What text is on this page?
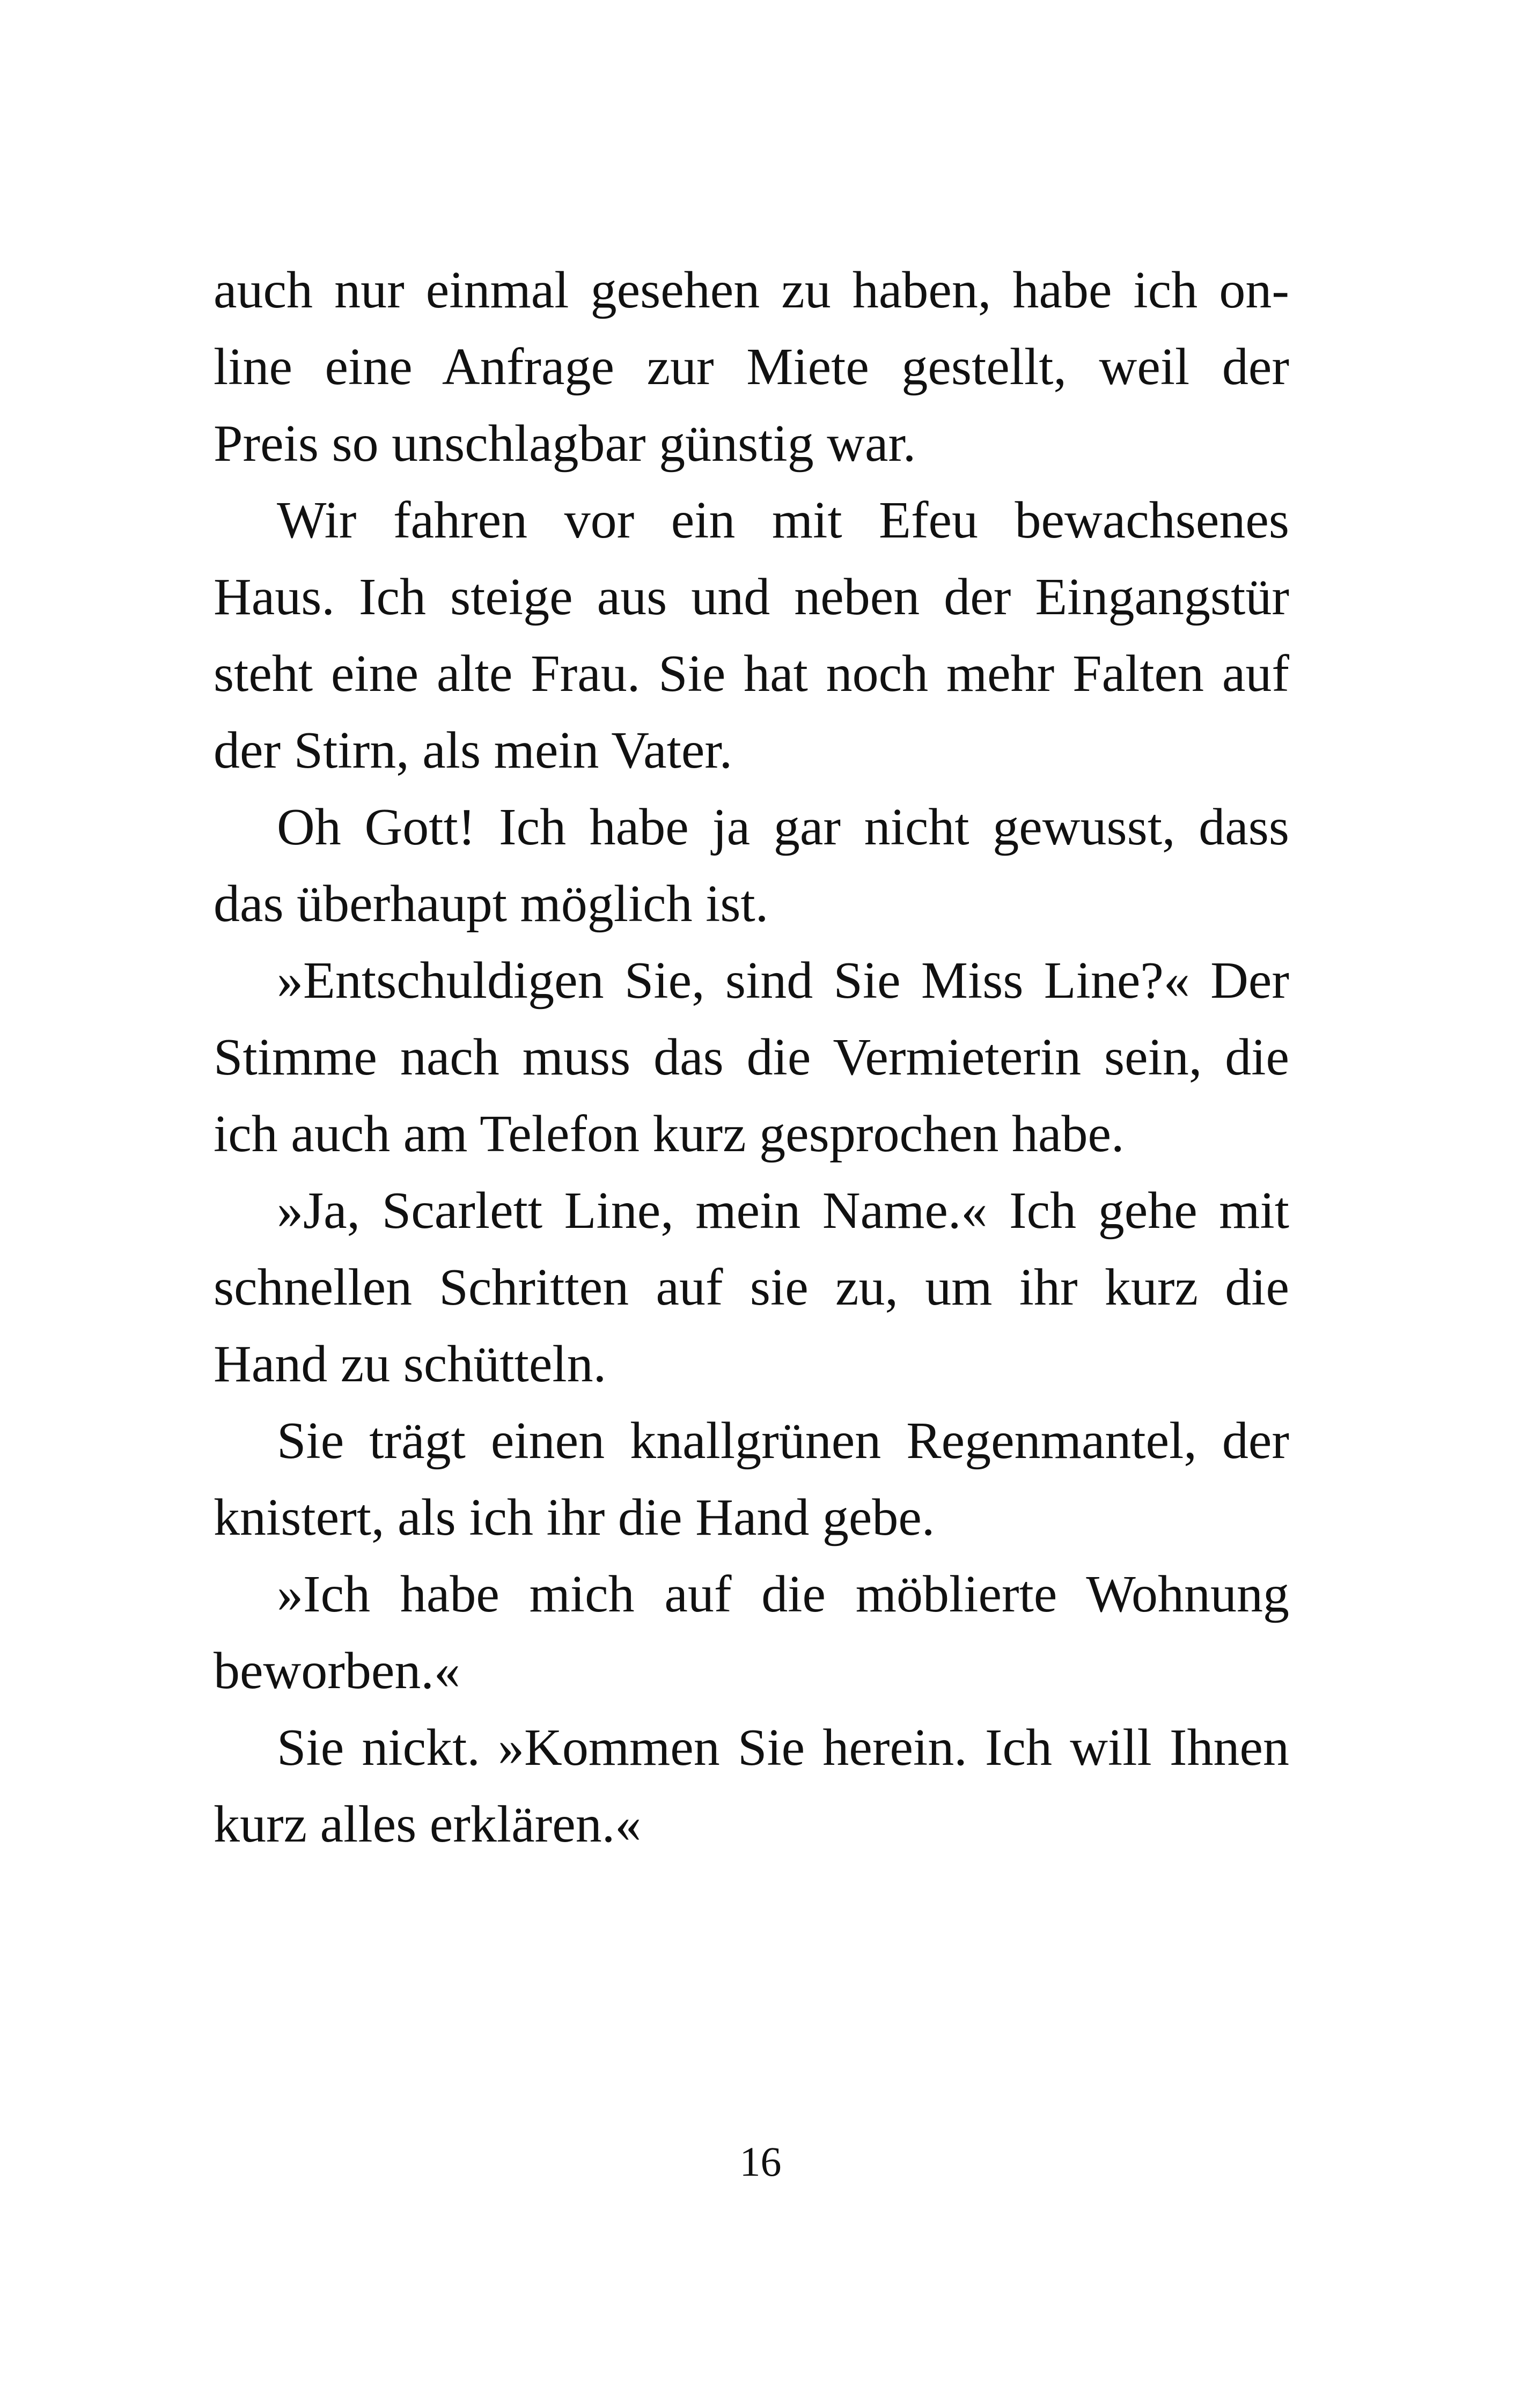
auch nur einmal gesehen zu haben, habe ich on-
line eine Anfrage zur Miete gestellt, weil der
Preis so unschlagbar günstig war.
Wir fahren vor ein mit Efeu bewachsenes
Haus. Ich steige aus und neben der Eingangstür
steht eine alte Frau. Sie hat noch mehr Falten auf
der Stirn, als mein Vater.
Oh Gott! Ich habe ja gar nicht gewusst, dass
das überhaupt möglich ist.
»Entschuldigen Sie, sind Sie Miss Line?« Der
Stimme nach muss das die Vermieterin sein, die
ich auch am Telefon kurz gesprochen habe.
»Ja, Scarlett Line, mein Name.« Ich gehe mit
schnellen Schritten auf sie zu, um ihr kurz die
Hand zu schütteln.
Sie trägt einen knallgrünen Regenmantel, der
knistert, als ich ihr die Hand gebe.
»Ich habe mich auf die möblierte Wohnung
beworben.«
Sie nickt. »Kommen Sie herein. Ich will Ihnen
kurz alles erklären.«
16
